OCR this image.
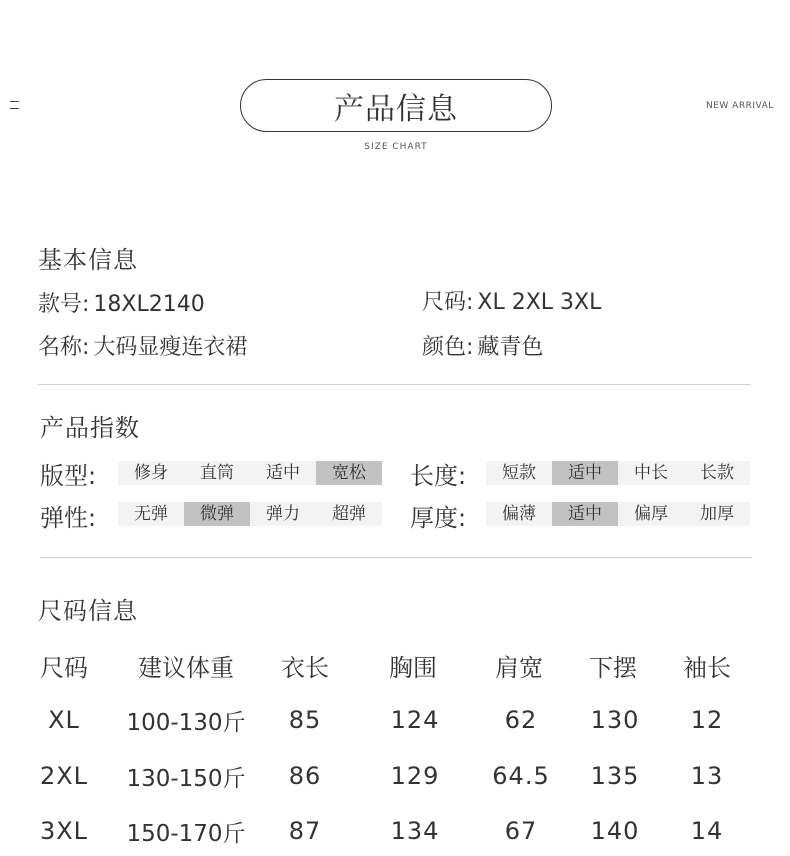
产品信息
SIZE CHART
NEW ARRIVAL
基本信息
款号: 18XL2140	尺码: XL 2XL 3XL
名称: 大码显瘦连衣裙	颜色: 藏青色
产品指数
版型:	修身	直筒	适中	宽松	长度:	短款	适中	中长	长款
弹性:	无弹	微弹	弹力	超弹	厚度:	偏薄	适中	偏厚	加厚
尺码信息
尺码	建议体重	衣长	胸围	肩宽	下摆	袖长
XL	100-130斤	85	124	62	130	12
2XL 130-150斤	86	129	64.5	135	13
3XL 150-170斤	87	134	67	140	14
